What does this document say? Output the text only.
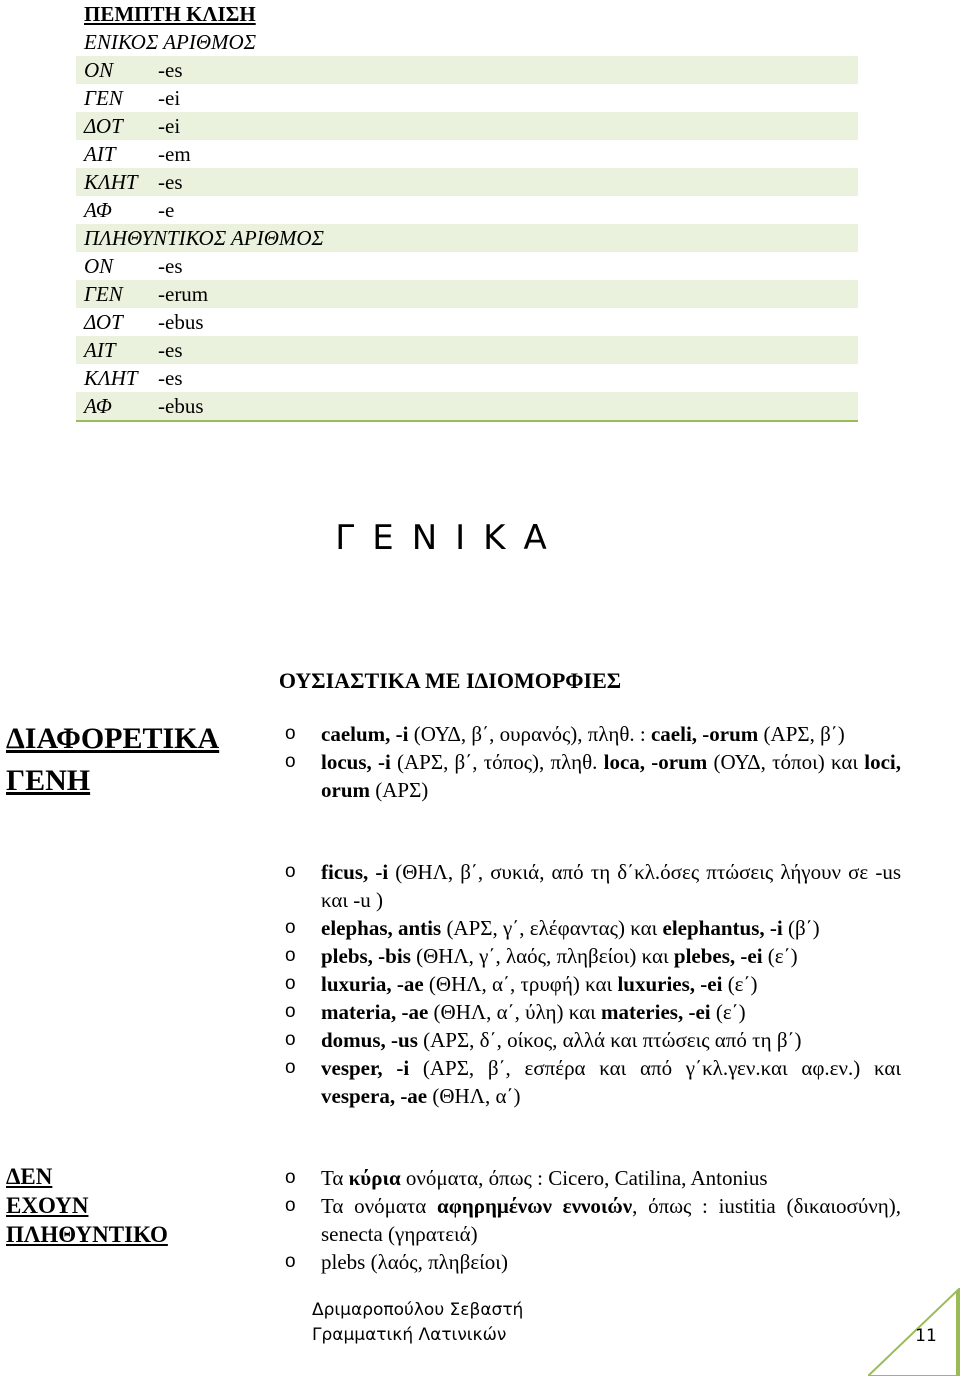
ΠΕΜΠΤΗ ΚΛΙΣΗ	
ΕΝΙΚΟΣ ΑΡΙΘΜΟΣ	
ΟΝ	-es
ΓΕΝ	-ei
ΔΟΤ	-ei
ΑΙΤ	-em
ΚΛΗΤ	-es
ΑΦ	-e
ΠΛΗΘΥΝΤΙΚΟΣ ΑΡΙΘΜΟΣ	
ΟΝ	-es
ΓΕΝ	-erum
ΔΟΤ	-ebus
ΑΙΤ	-es
ΚΛΗΤ	-es
ΑΦ	-ebus
ΓΕΝΙΚΑ
ΟΥΣΙΑΣΤΙΚΑ ΜΕ ΙΔΙΟΜΟΡΦΙΕΣ
ΔΙΑΦΟΡΕΤΙΚΑ
ΓΕΝΗ
ΔΕΝ
ΕΧΟΥΝ
ΠΛΗΘΥΝΤΙΚΟ
o caelum, -i (ΟΥΔ, β΄, ουρανός), πληθ. : caeli, -orum (ΑΡΣ, β΄)
o locus, -i (ΑΡΣ, β΄, τόπος), πληθ. loca, -orum (ΟΥΔ, τόποι) και loci, orum (ΑΡΣ)
o ficus, -i (ΘΗΛ, β΄, συκιά, από τη δ΄κλ.όσες πτώσεις λήγουν σε -us και -u )
o elephas, antis (ΑΡΣ, γ΄, ελέφαντας) και elephantus, -i (β΄)
o plebs, -bis (ΘΗΛ, γ΄, λαός, πληβείοι) και plebes, -ei (ε΄)
o luxuria, -ae (ΘΗΛ, α΄, τρυφή) και luxuries, -ei (ε΄)
o materia, -ae (ΘΗΛ, α΄, ύλη) και materies, -ei (ε΄)
o domus, -us (ΑΡΣ, δ΄, οίκος, αλλά και πτώσεις από τη β΄)
o vesper, -i (ΑΡΣ, β΄, εσπέρα και από γ΄κλ.γεν.και αφ.εν.) και vespera, -ae (ΘΗΛ, α΄)
o Τα κύρια ονόματα, όπως : Cicero, Catilina, Antonius
o Τα ονόματα αφηρημένων εννοιών, όπως : iustitia (δικαιοσύνη), senecta (γηρατειά)
o plebs (λαός, πληβείοι)
Δριμαροπούλου Σεβαστή
Γραμματική Λατινικών	11
